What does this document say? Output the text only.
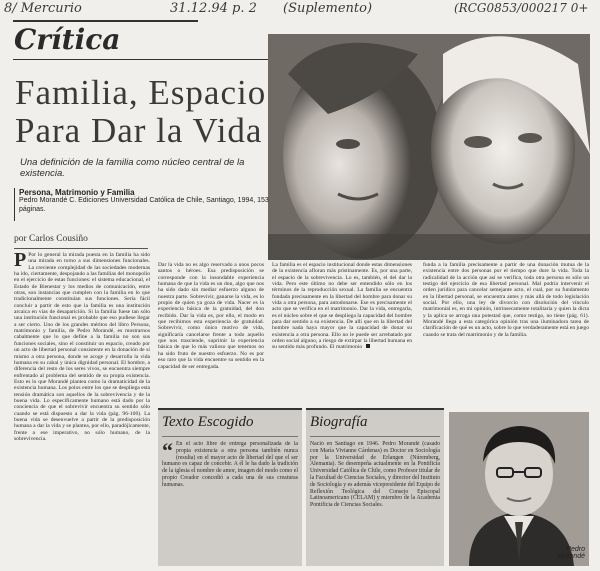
8/ Mercurio	31.12.94 p. 2 (Suplemento)	(RCG0853/000217 0+
Crítica
Familia, Espacio
Para Dar la Vida
Una definición de la familia como núcleo central de la existencia.
Persona, Matrimonio y Familia
Pedro Morandé C. Ediciones Universidad Católica de Chile, Santiago, 1994, 153 páginas.
por Carlos Cousiño
P Por lo general la mirada puesta en la familia ha sido una mirada en torno a sus dimensiones funcionales. La creciente complejidad de las sociedades modernas ha ido, ciertamente, despojando a las familias del monopolio en el ejercicio de estas funciones: el sistema educacional, el Estado de Bienestar y los medios de comunicación, entre otras, son instancias que cumplen con la familia en lo que tradicionalmente constituían sus funciones. Sería fácil concluir a partir de esto que la familia es una institución arcaica en vías de desaparición. Si la familia fuese tan sólo una institución funcional es probable que eso pudiese llegar a ser cierto. Uno de los grandes méritos del libro Persona, matrimonio y familia, de Pedro Morandé, es mostrarnos cabalmente que lo que define a la familia no son sus funciones sociales, sino el constituir un espacio, creado por un acto de libertad personal consistente en la donación de sí mismo a otra persona, donde se acoge y desarrolla la vida humana en su cabal y única dignidad personal. El hombre, a diferencia del resto de los seres vivos, se encuentra siempre enfrentado al problema del sentido de su propia existencia. Esto es lo que Morandé plantea como la dramaticidad de la existencia humana. Los polos entre los que se despliega esta tensión dramática son aquellos de la sobrevivencia y de la buena vida. Lo específicamente humano está dado por la conciencia de que el sobrevivir encuentra su sentido sólo cuando se está dispuesto a dar la vida (pág. 96-100). La buena vida se desenvuelve a partir de la predisposición humana a dar la vida y se plantea, por ello, paradójicamente, frente a ese imperativo, no sólo humano, de la sobrevivencia.
Dar la vida no es algo reservado a unos pocos santos o héroes. Esa predisposición se corresponde con la insondable experiencia humana de que la vida es un don, algo que nos ha sido dado sin mediar esfuerzo alguno de nuestra parte. Sobrevivir, ganarse la vida, es lo propio de quien ya goza de vida. Nacer es la experiencia básica de la gratuidad, del don recibido. Dar la vida es, por ello, el modo en que recibimos esta experiencia de gratuidad. Sobrevivir, como único motivo de vida, significaría cancelarse frente a todo aquello que nos trasciende, suprimir la experiencia básica de que lo más valioso que tenemos no ha sido fruto de nuestro esfuerzo. No es por eso raro que la vida encuentre su sentido en la capacidad de ser entregada.
La familia es el espacio institucional donde estas dimensiones de la existencia afloran más prístinamente. Es, por una parte, el espacio de la sobrevivencia. Lo es, también, el del dar la vida. Pero este último no debe ser entendido sólo en los términos de la reproducción sexual. La familia se encuentra fundada precisamente en la libertad del hombre para donar su vida a otra persona, para autodonarse. Ese es precisamente el acto que se verifica en el matrimonio. Dar la vida, entregarla, es el núcleo sobre el que se despliega la capacidad del hombre para dar sentido a su existencia. De allí que en la libertad del hombre nada haya mayor que la capacidad de donar su existencia a otra persona. Ello no le puede ser arrebatado por orden social alguno, a riesgo de extirpar la libertad humana en su sentido más profundo. El matrimonio
funda a la familia precisamente a partir de una donación mutua de la existencia entre dos personas por el tiempo que dure la vida. Toda la radicalidad de la acción que así se verifica, toda otra persona es sólo un testigo del ejercicio de esa libertad personal. Mal podría intervenir el orden jurídico para cancelar semejante acto, el cual, por su fundamento en la libertad personal, se encuentra antes y más allá de todo legislación social. Por ello, una ley de divorcio con disolución del vínculo matrimonial es, en mi opinión, intrínsecamente totalitaria y quien la dicta y la aplica se arroga una potestad que, como testigo, no tiene (pág. 61). Morandé llega a esta categórica opinión tras una iluminadora tarea de clarificación de qué es un acto, sobre lo que verdaderamente está en juego cuando se trata del matrimonio y de la familia.
Texto Escogido
“ En el acto libre de entrega personalizada de la propia existencia a otra persona también nunca (resulta) en el mayor acto de libertad del que el ser humano es capaz de concebir. A él le ha dado la tradición de la iglesia el nombre de amor, imagen del modo como el propio Creador concedió a cada una de sus creaturas humanas.
Biografía
Nació en Santiago en 1946. Pedro Morandé (casado con María Vivianne Cárdenas) es Doctor en Sociología por la Universidad de Erlangen (Núremberg, Alemania). Se desempeña actualmente en la Pontificia Universidad Católica de Chile, como Profesor titular de la Facultad de Ciencias Sociales, y director del Instituto de Sociología y es además vicepresidente del Equipo de Reflexión Teológica del Consejo Episcopal Latinoamericano (CELAM) y miembro de la Academia Pontificia de Ciencias Sociales.
Pedro Morandé
